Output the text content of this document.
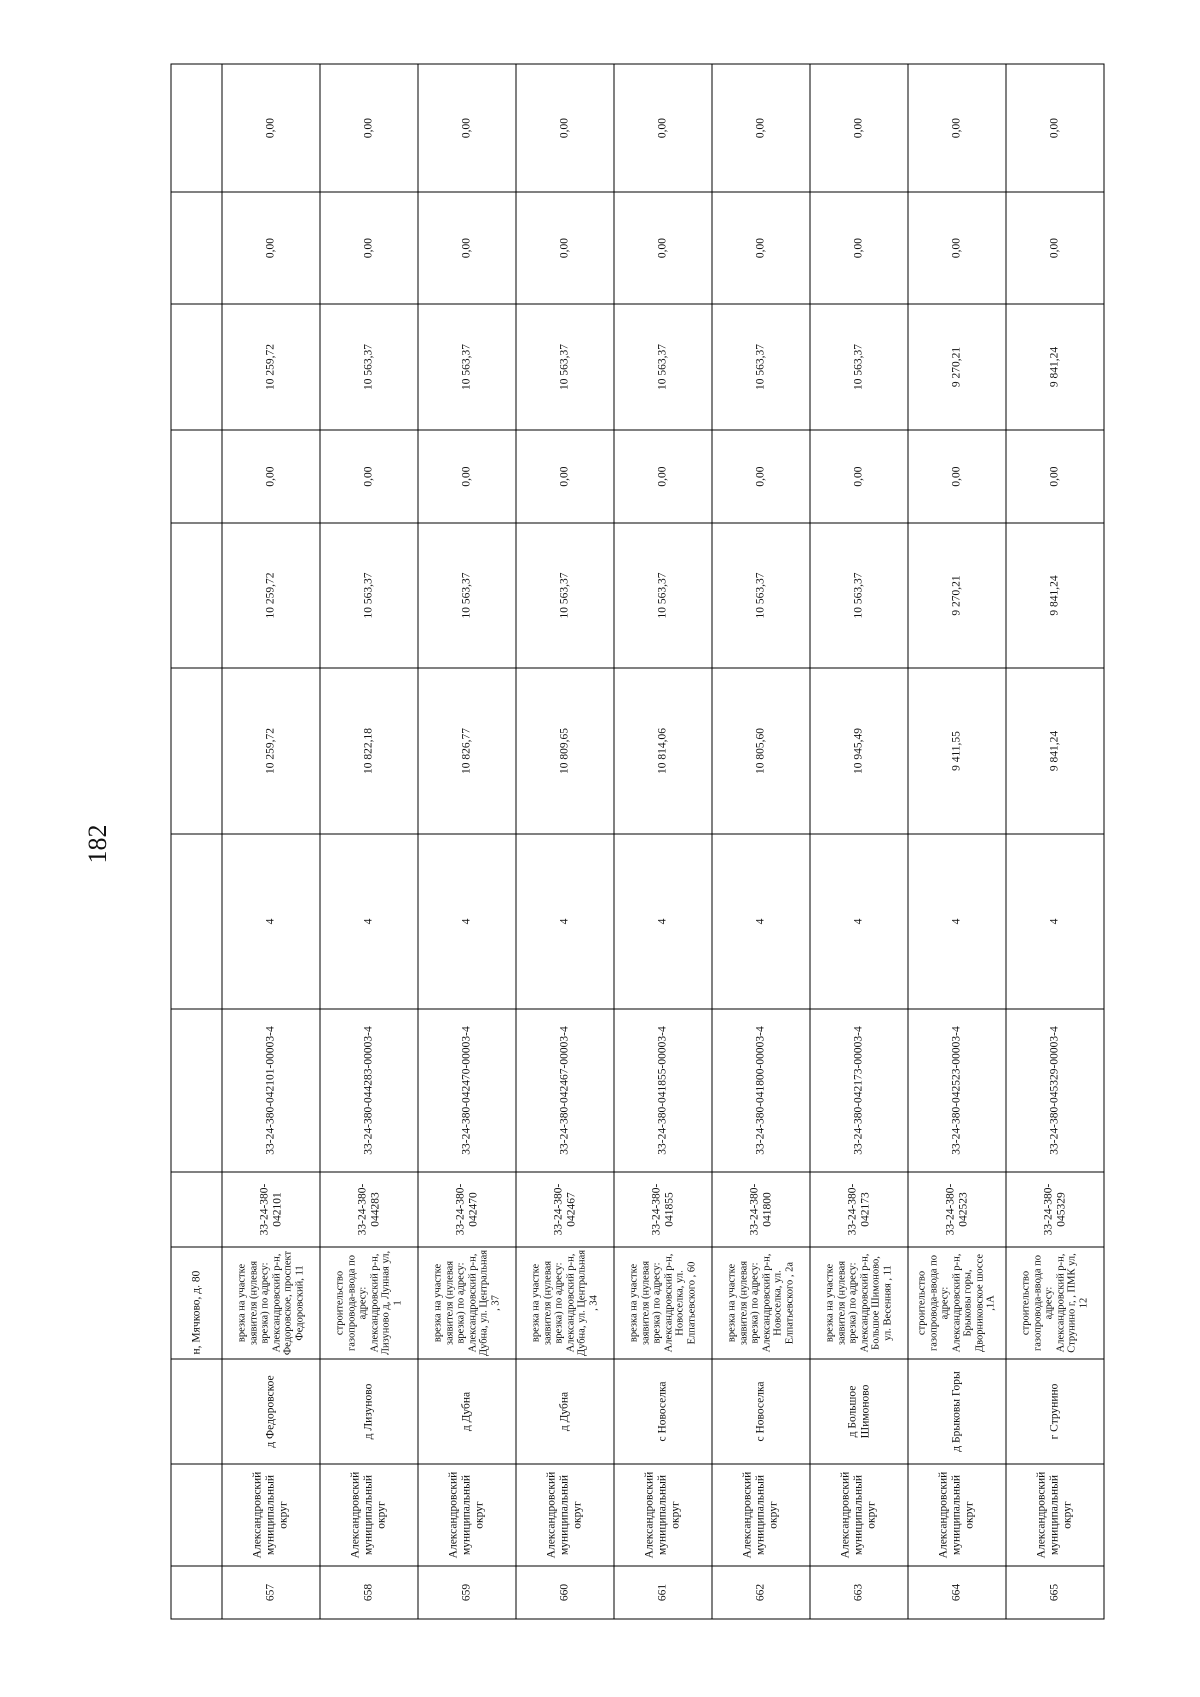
182
			н, Мячково, д. 80									
657	Александровский муниципальный округ	д Федоровское	врезка на участке заявителя (нулевая врезка) по адресу: Александровский р-н, Федоровское, проспект Федоровский, 11	33-24-380-042101	33-24-380-042101-00003-4	4	10 259,72	10 259,72	0,00	10 259,72	0,00	0,00
658	Александровский муниципальный округ	д Лизуново	строительство газопровода-ввода по адресу: Александровский р-н, Лизуново д, Лунная ул, 1	33-24-380-044283	33-24-380-044283-00003-4	4	10 822,18	10 563,37	0,00	10 563,37	0,00	0,00
659	Александровский муниципальный округ	д Дубна	врезка на участке заявителя (нулевая врезка) по адресу: Александровский р-н, Дубна, ул. Центральная , 37	33-24-380-042470	33-24-380-042470-00003-4	4	10 826,77	10 563,37	0,00	10 563,37	0,00	0,00
660	Александровский муниципальный округ	д Дубна	врезка на участке заявителя (нулевая врезка) по адресу: Александровский р-н, Дубна, ул. Центральная , 34	33-24-380-042467	33-24-380-042467-00003-4	4	10 809,65	10 563,37	0,00	10 563,37	0,00	0,00
661	Александровский муниципальный округ	с Новоселка	врезка на участке заявителя (нулевая врезка) по адресу: Александровский р-н, Новоселка, ул. Елпатьевского , 60	33-24-380-041855	33-24-380-041855-00003-4	4	10 814,06	10 563,37	0,00	10 563,37	0,00	0,00
662	Александровский муниципальный округ	с Новоселка	врезка на участке заявителя (нулевая врезка) по адресу: Александровский р-н, Новоселка, ул. Елпатьевского , 2а	33-24-380-041800	33-24-380-041800-00003-4	4	10 805,60	10 563,37	0,00	10 563,37	0,00	0,00
663	Александровский муниципальный округ	д Большое Шимоново	врезка на участке заявителя (нулевая врезка) по адресу: Александровский р-н, Большое Шимоново, ул. Весенняя , 11	33-24-380-042173	33-24-380-042173-00003-4	4	10 945,49	10 563,37	0,00	10 563,37	0,00	0,00
664	Александровский муниципальный округ	д Брыковы Горы	строительство газопровода-ввода по адресу: Александровский р-н, Брыковы горы, Дворниковское шоссе ,1А	33-24-380-042523	33-24-380-042523-00003-4	4	9 411,55	9 270,21	0,00	9 270,21	0,00	0,00
665	Александровский муниципальный округ	г Струнино	строительство газопровода-ввода по адресу: Александровский р-н, Струнино г, , ПМК ул, 12	33-24-380-045329	33-24-380-045329-00003-4	4	9 841,24	9 841,24	0,00	9 841,24	0,00	0,00
